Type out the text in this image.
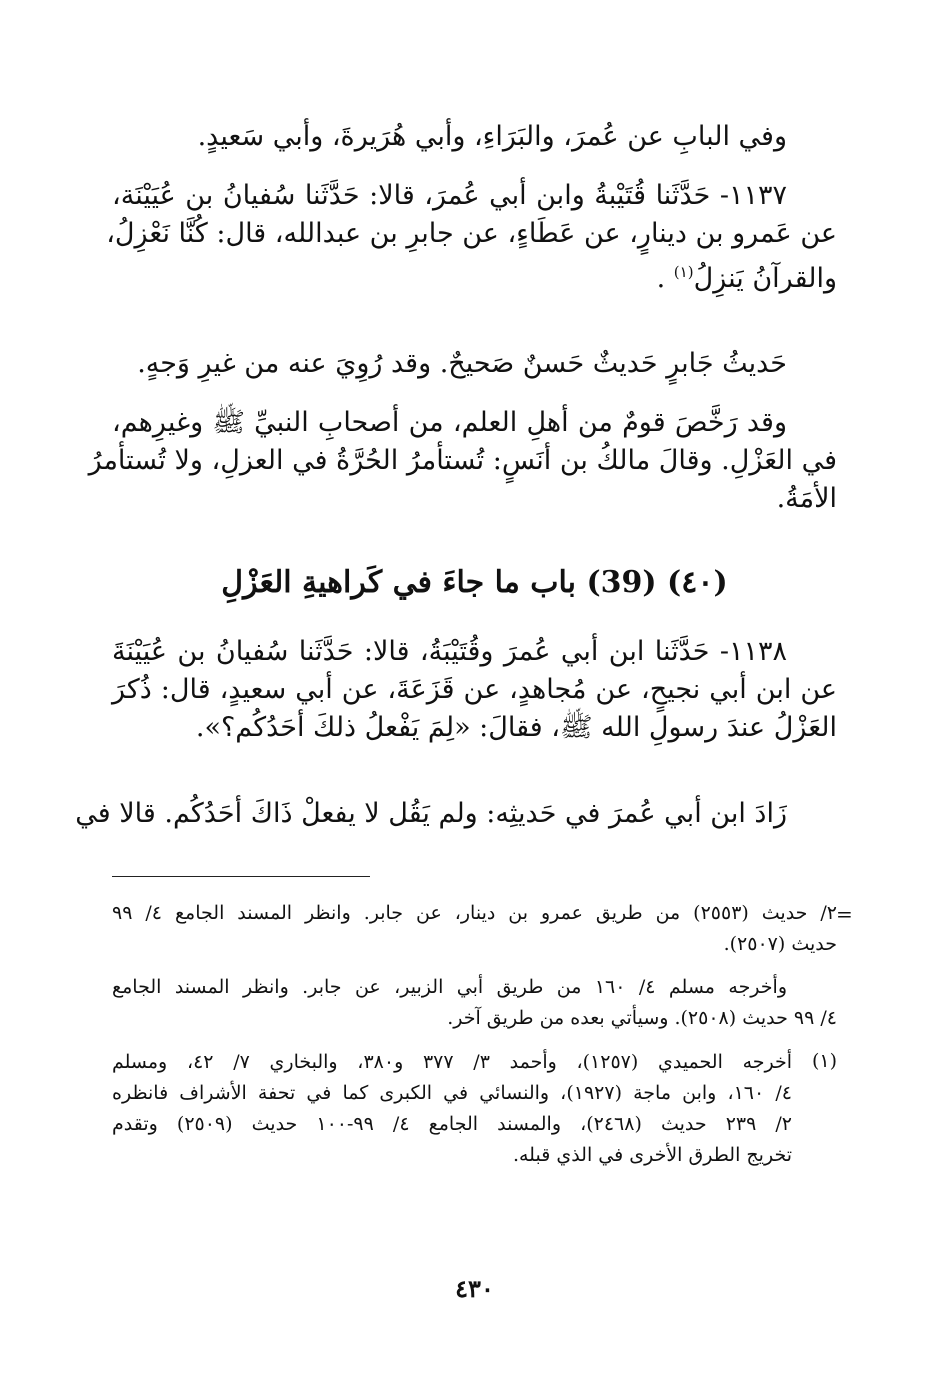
وفي البابِ عن عُمرَ، والبَرَاءِ، وأبي هُرَيرةَ، وأبي سَعيدٍ.
١١٣٧- حَدَّثَنا قُتَيْبةُ وابن أبي عُمرَ، قالا: حَدَّثَنا سُفيانُ بن عُيَيْنَة،
عن عَمرو بن دينارٍ، عن عَطَاءٍ، عن جابرِ بن عبدالله، قال: كُنَّا نَعْزِلُ،
والقرآنُ يَنزِلُ$^{(١)}$ .
حَديثُ جَابرٍ حَديثٌ حَسنٌ صَحيحٌ. وقد رُوِيَ عنه من غيرِ وَجهٍ.
وقد رَخَّصَ قومٌ من أهلِ العلم، من أصحابِ النبيِّ ﷺ وغيرِهم،
في العَزْلِ. وقالَ مالكُ بن أنَسٍ: تُستأمرُ الحُرَّةُ في العزلِ، ولا تُستأمرُ
الأمَةُ.
(٤٠) (39) باب ما جاءَ في كَراهيةِ العَزْلِ
١١٣٨- حَدَّثَنا ابن أبي عُمرَ وقُتَيْبَةُ، قالا: حَدَّثَنا سُفيانُ بن عُيَيْنَةَ
عن ابن أبي نجيحٍ، عن مُجاهدٍ، عن قَزَعَةَ، عن أبي سعيدٍ، قال: ذُكرَ
العَزْلُ عندَ رسولِ الله ﷺ، فقالَ: «لِمَ يَفْعلُ ذلكَ أحَدُكُم؟».
زَادَ ابن أبي عُمرَ في حَديثِه: ولم يَقُل لا يفعلْ ذَاكَ أحَدُكُم. قالا في
=
٢/ حديث (٢٥٥٣) من طريق عمرو بن دينار، عن جابر. وانظر المسند الجامع ٤/ ٩٩
حديث (٢٥٠٧).
وأخرجه مسلم ٤/ ١٦٠ من طريق أبي الزبير، عن جابر. وانظر المسند الجامع
٤/ ٩٩ حديث (٢٥٠٨). وسيأتي بعده من طريق آخر.
(١)
أخرجه الحميدي (١٢٥٧)، وأحمد ٣/ ٣٧٧ و٣٨٠، والبخاري ٧/ ٤٢، ومسلم
٤/ ١٦٠، وابن ماجة (١٩٢٧)، والنسائي في الكبرى كما في تحفة الأشراف فانظره
٢/ ٢٣٩ حديث (٢٤٦٨)، والمسند الجامع ٤/ ٩٩-١٠٠ حديث (٢٥٠٩) وتقدم
تخريج الطرق الأخرى في الذي قبله.
٤٣٠
